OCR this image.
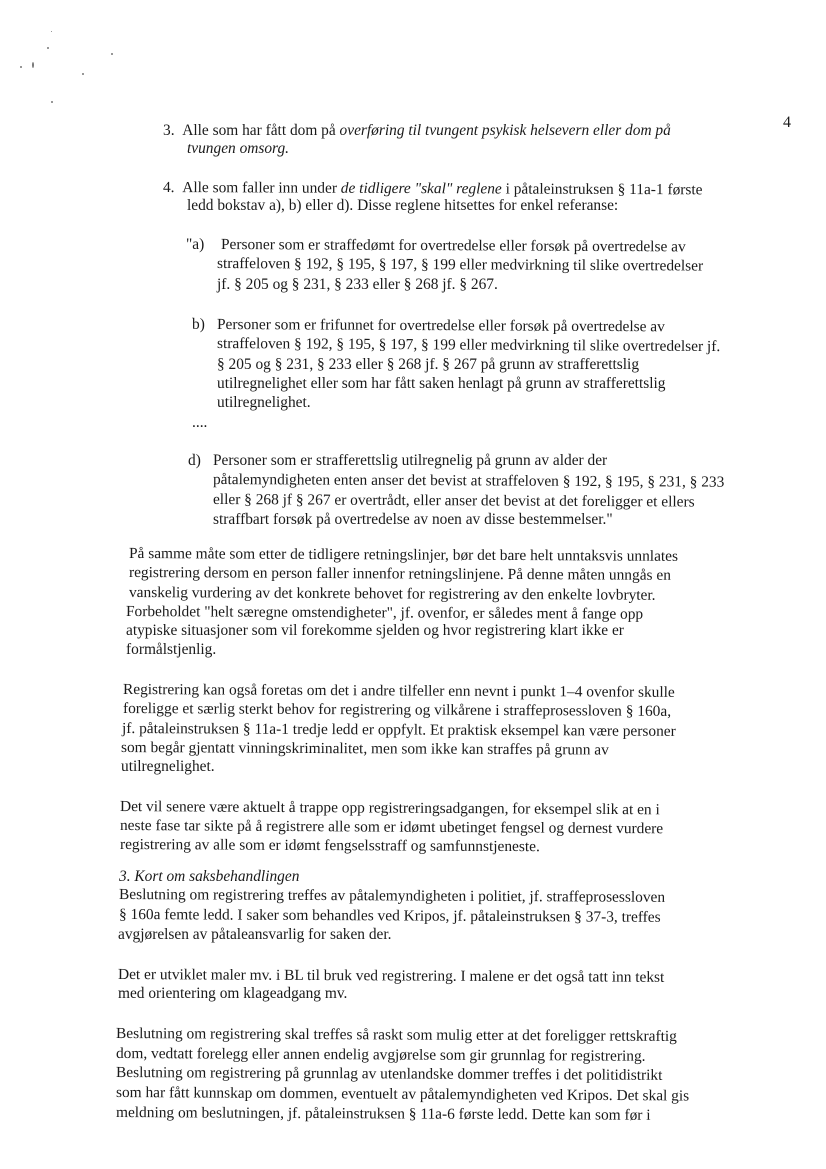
4
3. Alle som har fått dom på overføring til tvungent psykisk helsevern eller dom på
tvungen omsorg.
4. Alle som faller inn under de tidligere "skal" reglene i påtaleinstruksen § 11a-1 første
ledd bokstav a), b) eller d). Disse reglene hitsettes for enkel referanse:
"a) Personer som er straffedømt for overtredelse eller forsøk på overtredelse av
straffeloven § 192, § 195, § 197, § 199 eller medvirkning til slike overtredelser
jf. § 205 og § 231, § 233 eller § 268 jf. § 267.
b) Personer som er frifunnet for overtredelse eller forsøk på overtredelse av
straffeloven § 192, § 195, § 197, § 199 eller medvirkning til slike overtredelser jf.
§ 205 og § 231, § 233 eller § 268 jf. § 267 på grunn av strafferettslig
utilregnelighet eller som har fått saken henlagt på grunn av strafferettslig
utilregnelighet.
....
d) Personer som er strafferettslig utilregnelig på grunn av alder der
påtalemyndigheten enten anser det bevist at straffeloven § 192, § 195, § 231, § 233
eller § 268 jf § 267 er overtrådt, eller anser det bevist at det foreligger et ellers
straffbart forsøk på overtredelse av noen av disse bestemmelser."
På samme måte som etter de tidligere retningslinjer, bør det bare helt unntaksvis unnlates
registrering dersom en person faller innenfor retningslinjene. På denne måten unngås en
vanskelig vurdering av det konkrete behovet for registrering av den enkelte lovbryter.
Forbeholdet "helt særegne omstendigheter", jf. ovenfor, er således ment å fange opp
atypiske situasjoner som vil forekomme sjelden og hvor registrering klart ikke er
formålstjenlig.
Registrering kan også foretas om det i andre tilfeller enn nevnt i punkt 1–4 ovenfor skulle
foreligge et særlig sterkt behov for registrering og vilkårene i straffeprosessloven § 160a,
jf. påtaleinstruksen § 11a-1 tredje ledd er oppfylt. Et praktisk eksempel kan være personer
som begår gjentatt vinningskriminalitet, men som ikke kan straffes på grunn av
utilregnelighet.
Det vil senere være aktuelt å trappe opp registreringsadgangen, for eksempel slik at en i
neste fase tar sikte på å registrere alle som er idømt ubetinget fengsel og dernest vurdere
registrering av alle som er idømt fengselsstraff og samfunnstjeneste.
3. Kort om saksbehandlingen
Beslutning om registrering treffes av påtalemyndigheten i politiet, jf. straffeprosessloven
§ 160a femte ledd. I saker som behandles ved Kripos, jf. påtaleinstruksen § 37-3, treffes
avgjørelsen av påtaleansvarlig for saken der.
Det er utviklet maler mv. i BL til bruk ved registrering. I malene er det også tatt inn tekst
med orientering om klageadgang mv.
Beslutning om registrering skal treffes så raskt som mulig etter at det foreligger rettskraftig
dom, vedtatt forelegg eller annen endelig avgjørelse som gir grunnlag for registrering.
Beslutning om registrering på grunnlag av utenlandske dommer treffes i det politidistrikt
som har fått kunnskap om dommen, eventuelt av påtalemyndigheten ved Kripos. Det skal gis
meldning om beslutningen, jf. påtaleinstruksen § 11a-6 første ledd. Dette kan som før i
